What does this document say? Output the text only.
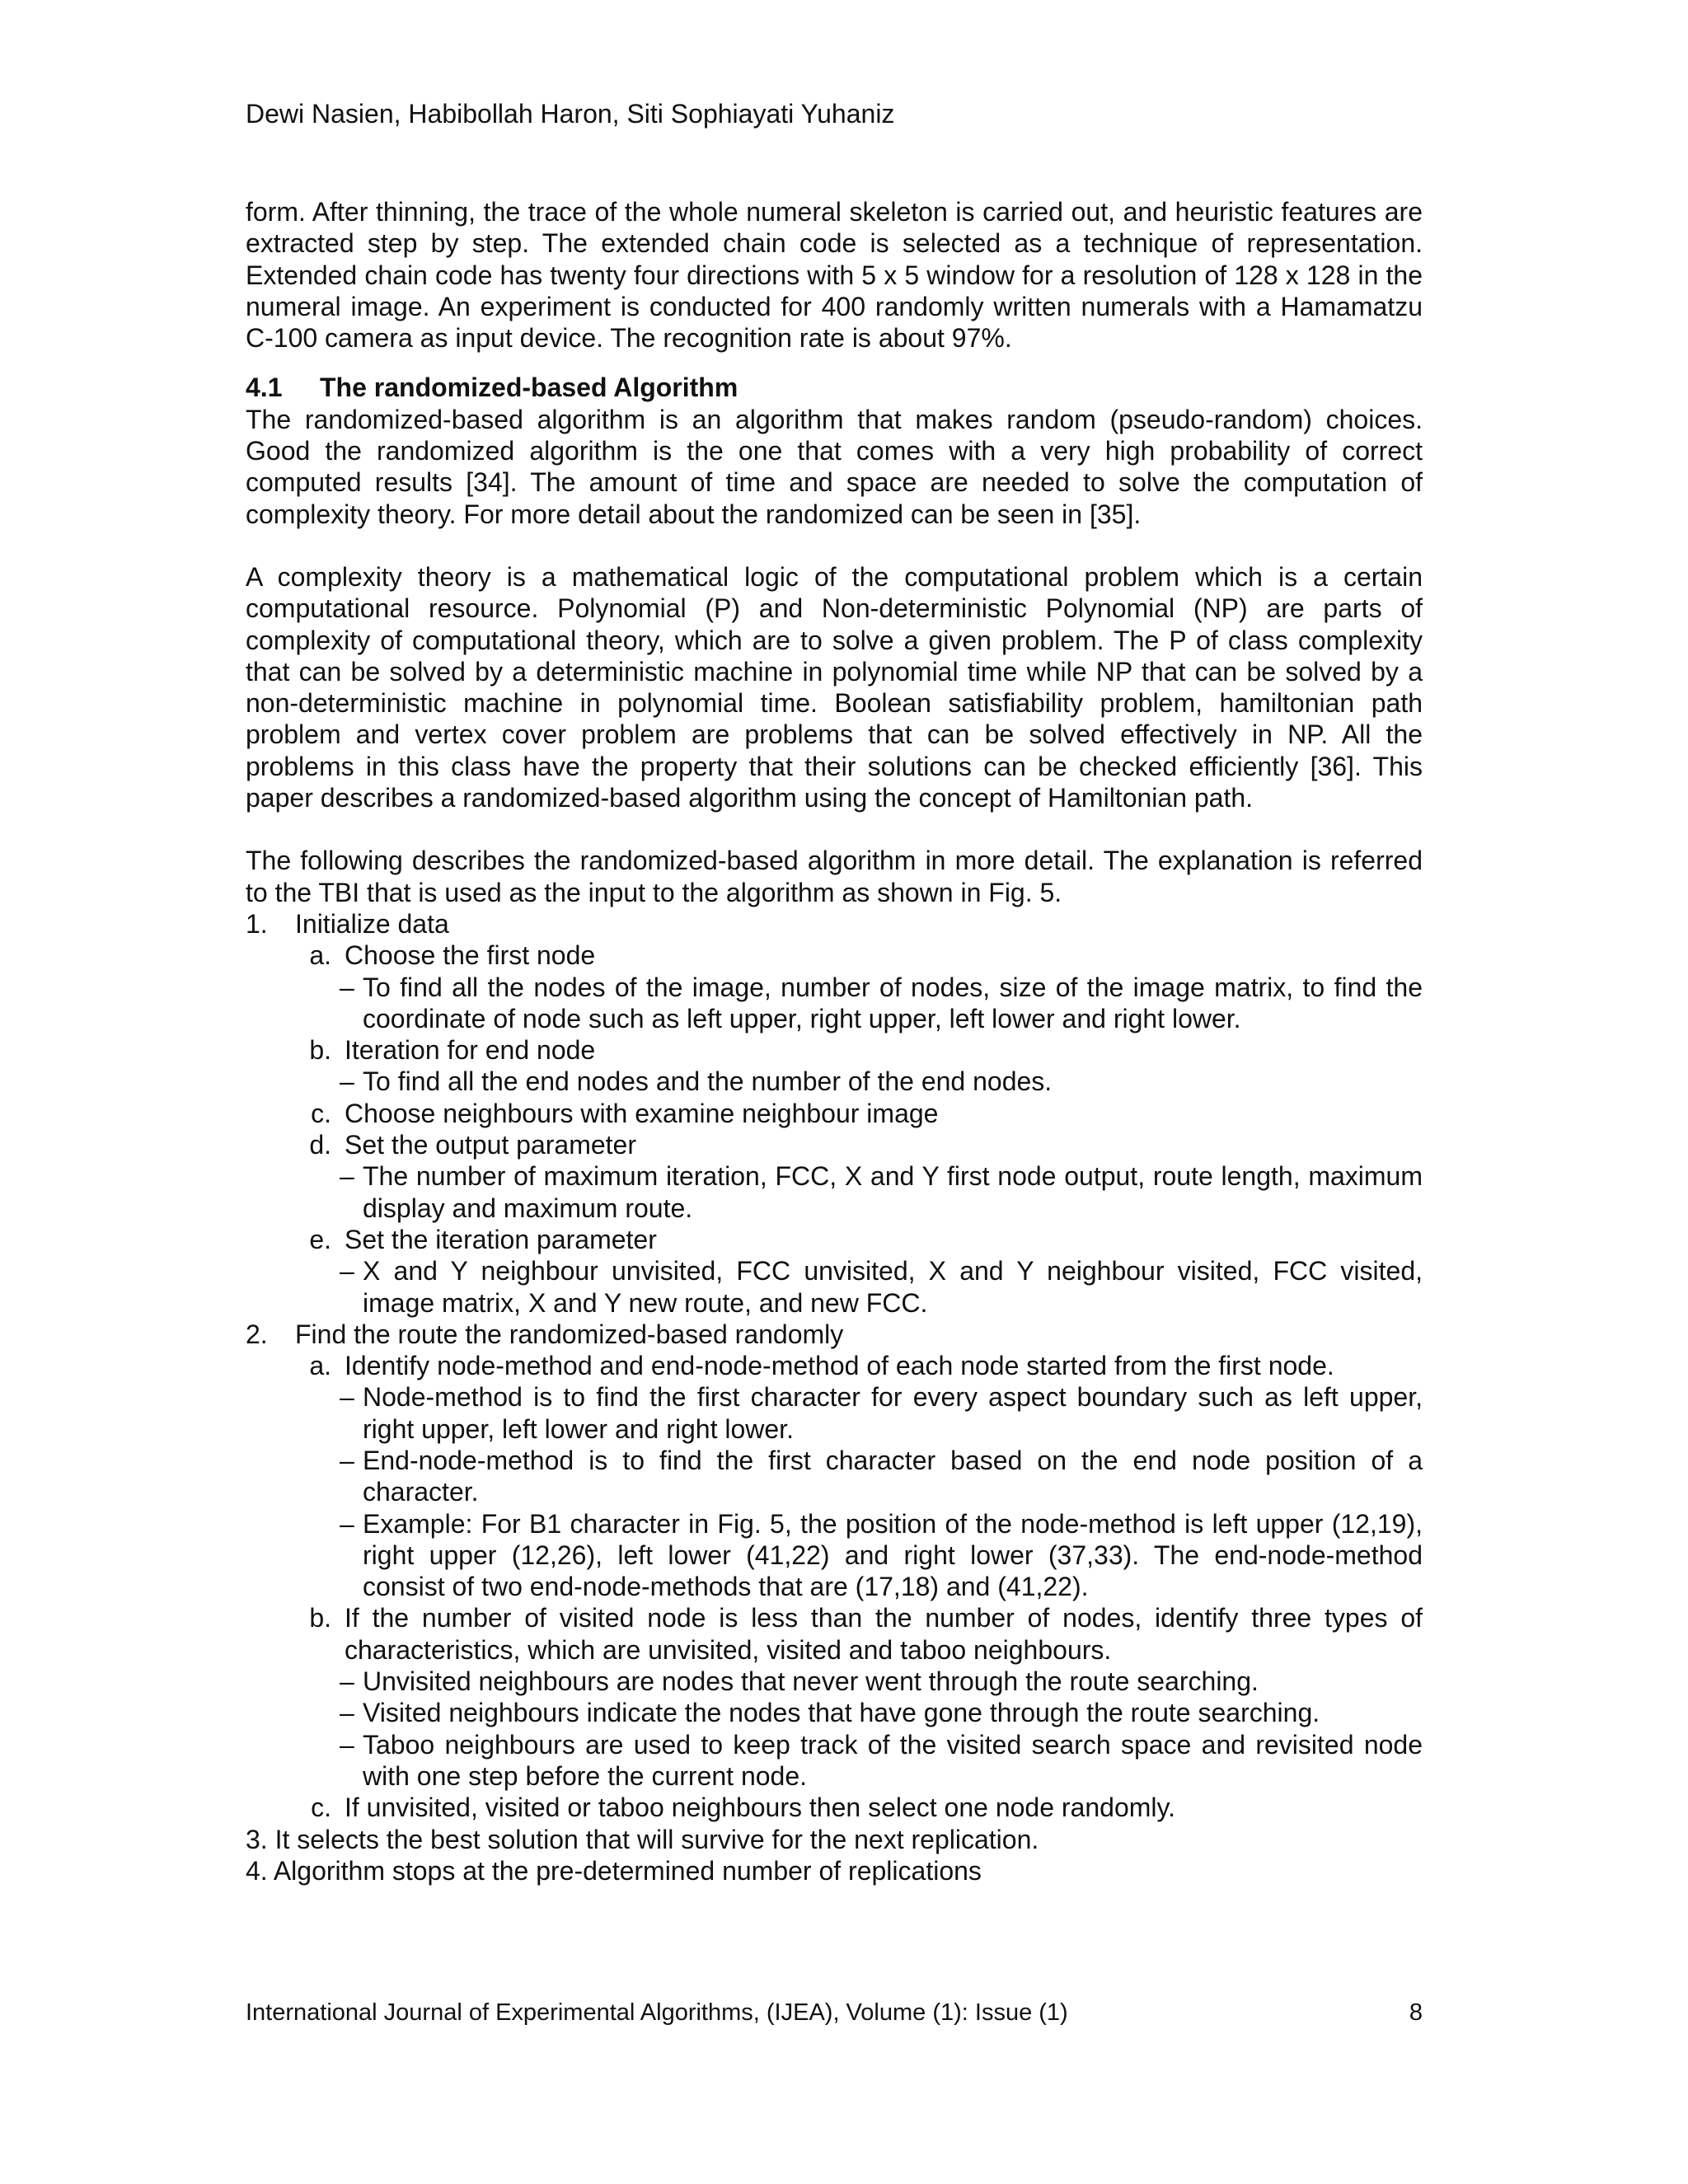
Dewi Nasien, Habibollah Haron, Siti Sophiayati Yuhaniz

form. After thinning, the trace of the whole numeral skeleton is carried out, and heuristic features are extracted step by step. The extended chain code is selected as a technique of representation. Extended chain code has twenty four directions with 5 x 5 window for a resolution of 128 x 128 in the numeral image. An experiment is conducted for 400 randomly written numerals with a Hamamatzu C-100 camera as input device. The recognition rate is about 97%.

4.1 The randomized-based Algorithm

The randomized-based algorithm is an algorithm that makes random (pseudo-random) choices. Good the randomized algorithm is the one that comes with a very high probability of correct computed results [34]. The amount of time and space are needed to solve the computation of complexity theory. For more detail about the randomized can be seen in [35].

A complexity theory is a mathematical logic of the computational problem which is a certain computational resource. Polynomial (P) and Non-deterministic Polynomial (NP) are parts of complexity of computational theory, which are to solve a given problem. The P of class complexity that can be solved by a deterministic machine in polynomial time while NP that can be solved by a non-deterministic machine in polynomial time. Boolean satisfiability problem, hamiltonian path problem and vertex cover problem are problems that can be solved effectively in NP. All the problems in this class have the property that their solutions can be checked efficiently [36]. This paper describes a randomized-based algorithm using the concept of Hamiltonian path.

The following describes the randomized-based algorithm in more detail. The explanation is referred to the TBI that is used as the input to the algorithm as shown in Fig. 5.

1.	Initialize data
a. Choose the first node
– To find all the nodes of the image, number of nodes, size of the image matrix, to find the coordinate of node such as left upper, right upper, left lower and right lower.
b. Iteration for end node
– To find all the end nodes and the number of the end nodes.
c. Choose neighbours with examine neighbour image
d. Set the output parameter
– The number of maximum iteration, FCC, X and Y first node output, route length, maximum display and maximum route.
e. Set the iteration parameter
– X and Y neighbour unvisited, FCC unvisited, X and Y neighbour visited, FCC visited, image matrix, X and Y new route, and new FCC.
2.	Find the route the randomized-based randomly
a. Identify node-method and end-node-method of each node started from the first node.
– Node-method is to find the first character for every aspect boundary such as left upper, right upper, left lower and right lower.
– End-node-method is to find the first character based on the end node position of a character.
– Example: For B1 character in Fig. 5, the position of the node-method is left upper (12,19), right upper (12,26), left lower (41,22) and right lower (37,33). The end-node-method consist of two end-node-methods that are (17,18) and (41,22).
b. If the number of visited node is less than the number of nodes, identify three types of characteristics, which are unvisited, visited and taboo neighbours.
– Unvisited neighbours are nodes that never went through the route searching.
– Visited neighbours indicate the nodes that have gone through the route searching.
– Taboo neighbours are used to keep track of the visited search space and revisited node with one step before the current node.
c. If unvisited, visited or taboo neighbours then select one node randomly.
3. It selects the best solution that will survive for the next replication.
4. Algorithm stops at the pre-determined number of replications
International Journal of Experimental Algorithms, (IJEA), Volume (1): Issue (1)	8
